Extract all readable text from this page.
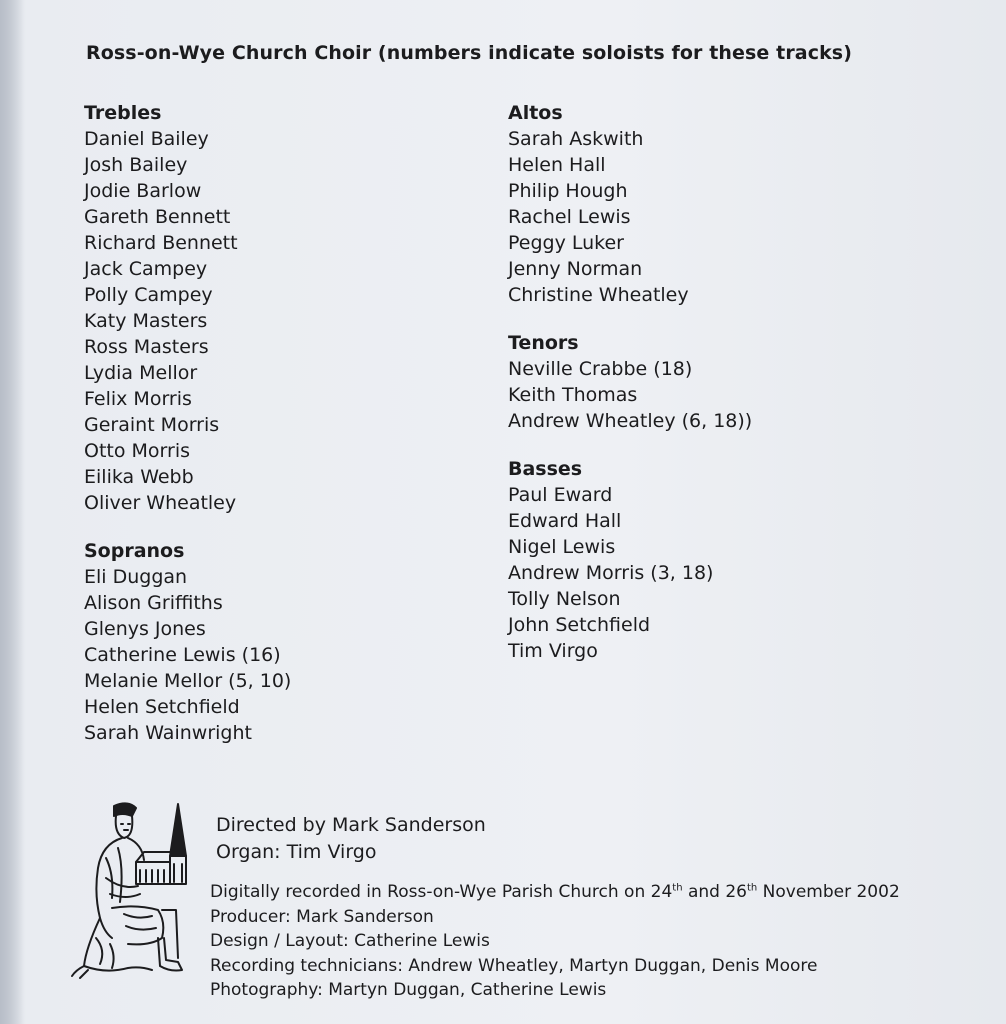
Ross-on-Wye Church Choir (numbers indicate soloists for these tracks)
Trebles
Daniel Bailey
Josh Bailey
Jodie Barlow
Gareth Bennett
Richard Bennett
Jack Campey
Polly Campey
Katy Masters
Ross Masters
Lydia Mellor
Felix Morris
Geraint Morris
Otto Morris
Eilika Webb
Oliver Wheatley
Sopranos
Eli Duggan
Alison Griffiths
Glenys Jones
Catherine Lewis (16)
Melanie Mellor (5, 10)
Helen Setchfield
Sarah Wainwright
Altos
Sarah Askwith
Helen Hall
Philip Hough
Rachel Lewis
Peggy Luker
Jenny Norman
Christine Wheatley
Tenors
Neville Crabbe (18)
Keith Thomas
Andrew Wheatley (6, 18))
Basses
Paul Eward
Edward Hall
Nigel Lewis
Andrew Morris (3, 18)
Tolly Nelson
John Setchfield
Tim Virgo
Directed by Mark Sanderson
Organ: Tim Virgo
Digitally recorded in Ross-on-Wye Parish Church on 24th and 26th November 2002
Producer: Mark Sanderson
Design / Layout: Catherine Lewis
Recording technicians: Andrew Wheatley, Martyn Duggan, Denis Moore
Photography: Martyn Duggan, Catherine Lewis
